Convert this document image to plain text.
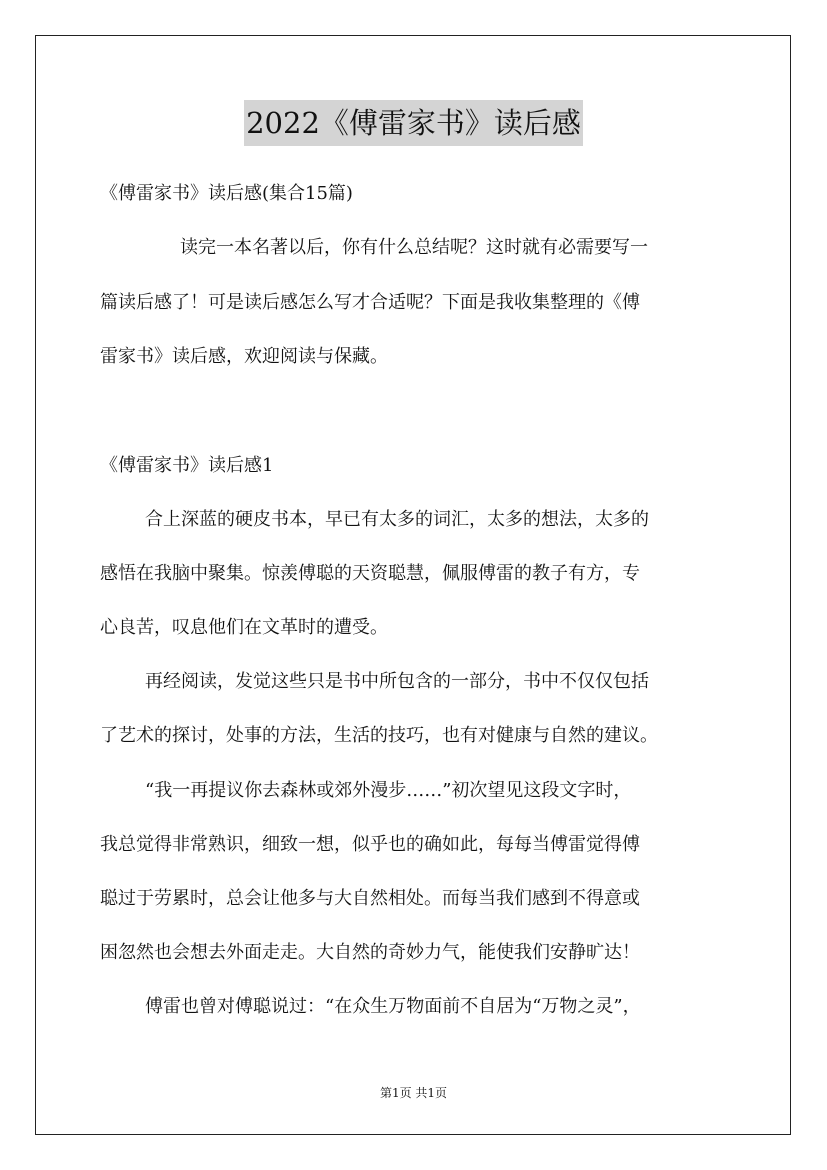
2022《傅雷家书》读后感
《傅雷家书》读后感(集合15篇)
读完一本名著以后，你有什么总结呢？这时就有必需要写一
篇读后感了！可是读后感怎么写才合适呢？下面是我收集整理的《傅
雷家书》读后感，欢迎阅读与保藏。
《傅雷家书》读后感1
合上深蓝的硬皮书本，早已有太多的词汇，太多的想法，太多的
感悟在我脑中聚集。惊羡傅聪的天资聪慧，佩服傅雷的教子有方，专
心良苦，叹息他们在文革时的遭受。
再经阅读，发觉这些只是书中所包含的一部分，书中不仅仅包括
了艺术的探讨，处事的方法，生活的技巧，也有对健康与自然的建议。
“我一再提议你去森林或郊外漫步……”初次望见这段文字时，
我总觉得非常熟识，细致一想，似乎也的确如此，每每当傅雷觉得傅
聪过于劳累时，总会让他多与大自然相处。而每当我们感到不得意或
困忽然也会想去外面走走。大自然的奇妙力气，能使我们安静旷达！
傅雷也曾对傅聪说过：“在众生万物面前不自居为“万物之灵”，
第1页 共1页
